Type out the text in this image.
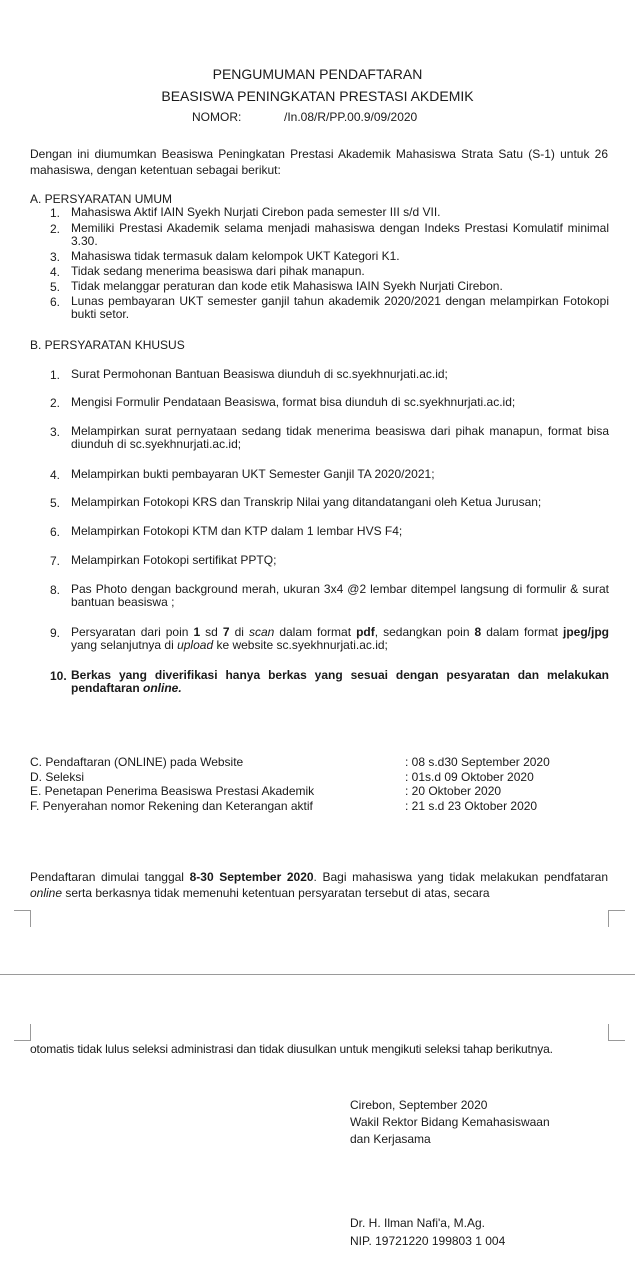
PENGUMUMAN PENDAFTARAN
BEASISWA PENINGKATAN PRESTASI AKDEMIK
NOMOR:	/In.08/R/PP.00.9/09/2020
Dengan ini diumumkan Beasiswa Peningkatan Prestasi Akademik Mahasiswa Strata Satu (S-1) untuk 26 mahasiswa, dengan ketentuan sebagai berikut:
A. PERSYARATAN UMUM
1. Mahasiswa Aktif IAIN Syekh Nurjati Cirebon pada semester III s/d VII.
2. Memiliki Prestasi Akademik selama menjadi mahasiswa dengan Indeks Prestasi Komulatif minimal 3.30.
3. Mahasiswa tidak termasuk dalam kelompok UKT Kategori K1.
4. Tidak sedang menerima beasiswa dari pihak manapun.
5. Tidak melanggar peraturan dan kode etik Mahasiswa IAIN Syekh Nurjati Cirebon.
6. Lunas pembayaran UKT semester ganjil tahun akademik 2020/2021 dengan melampirkan Fotokopi bukti setor.
B. PERSYARATAN KHUSUS
1. Surat Permohonan Bantuan Beasiswa diunduh di sc.syekhnurjati.ac.id;
2. Mengisi Formulir Pendataan Beasiswa, format bisa diunduh di sc.syekhnurjati.ac.id;
3. Melampirkan surat pernyataan sedang tidak menerima beasiswa dari pihak manapun, format bisa diunduh di sc.syekhnurjati.ac.id;
4. Melampirkan bukti pembayaran UKT Semester Ganjil TA 2020/2021;
5. Melampirkan Fotokopi KRS dan Transkrip Nilai yang ditandatangani oleh Ketua Jurusan;
6. Melampirkan Fotokopi KTM dan KTP dalam 1 lembar HVS F4;
7. Melampirkan Fotokopi sertifikat PPTQ;
8. Pas Photo dengan background merah, ukuran 3x4 @2 lembar ditempel langsung di formulir & surat bantuan beasiswa ;
9. Persyaratan dari poin 1 sd 7 di scan dalam format pdf, sedangkan poin 8 dalam format jpeg/jpg yang selanjutnya di upload ke website sc.syekhnurjati.ac.id;
10. Berkas yang diverifikasi hanya berkas yang sesuai dengan pesyaratan dan melakukan pendaftaran online.
C. Pendaftaran (ONLINE) pada Website	: 08 s.d30 September 2020
D. Seleksi	: 01s.d 09 Oktober 2020
E. Penetapan Penerima Beasiswa Prestasi Akademik	: 20 Oktober 2020
F. Penyerahan nomor Rekening dan Keterangan aktif	: 21 s.d 23 Oktober 2020
Pendaftaran dimulai tanggal 8-30 September 2020. Bagi mahasiswa yang tidak melakukan pendfataran online serta berkasnya tidak memenuhi ketentuan persyaratan tersebut di atas, secara
otomatis tidak lulus seleksi administrasi dan tidak diusulkan untuk mengikuti seleksi tahap berikutnya.
Cirebon, September 2020
Wakil Rektor Bidang Kemahasiswaan
dan Kerjasama
Dr. H. Ilman Nafi'a, M.Ag.
NIP. 19721220 199803 1 004
